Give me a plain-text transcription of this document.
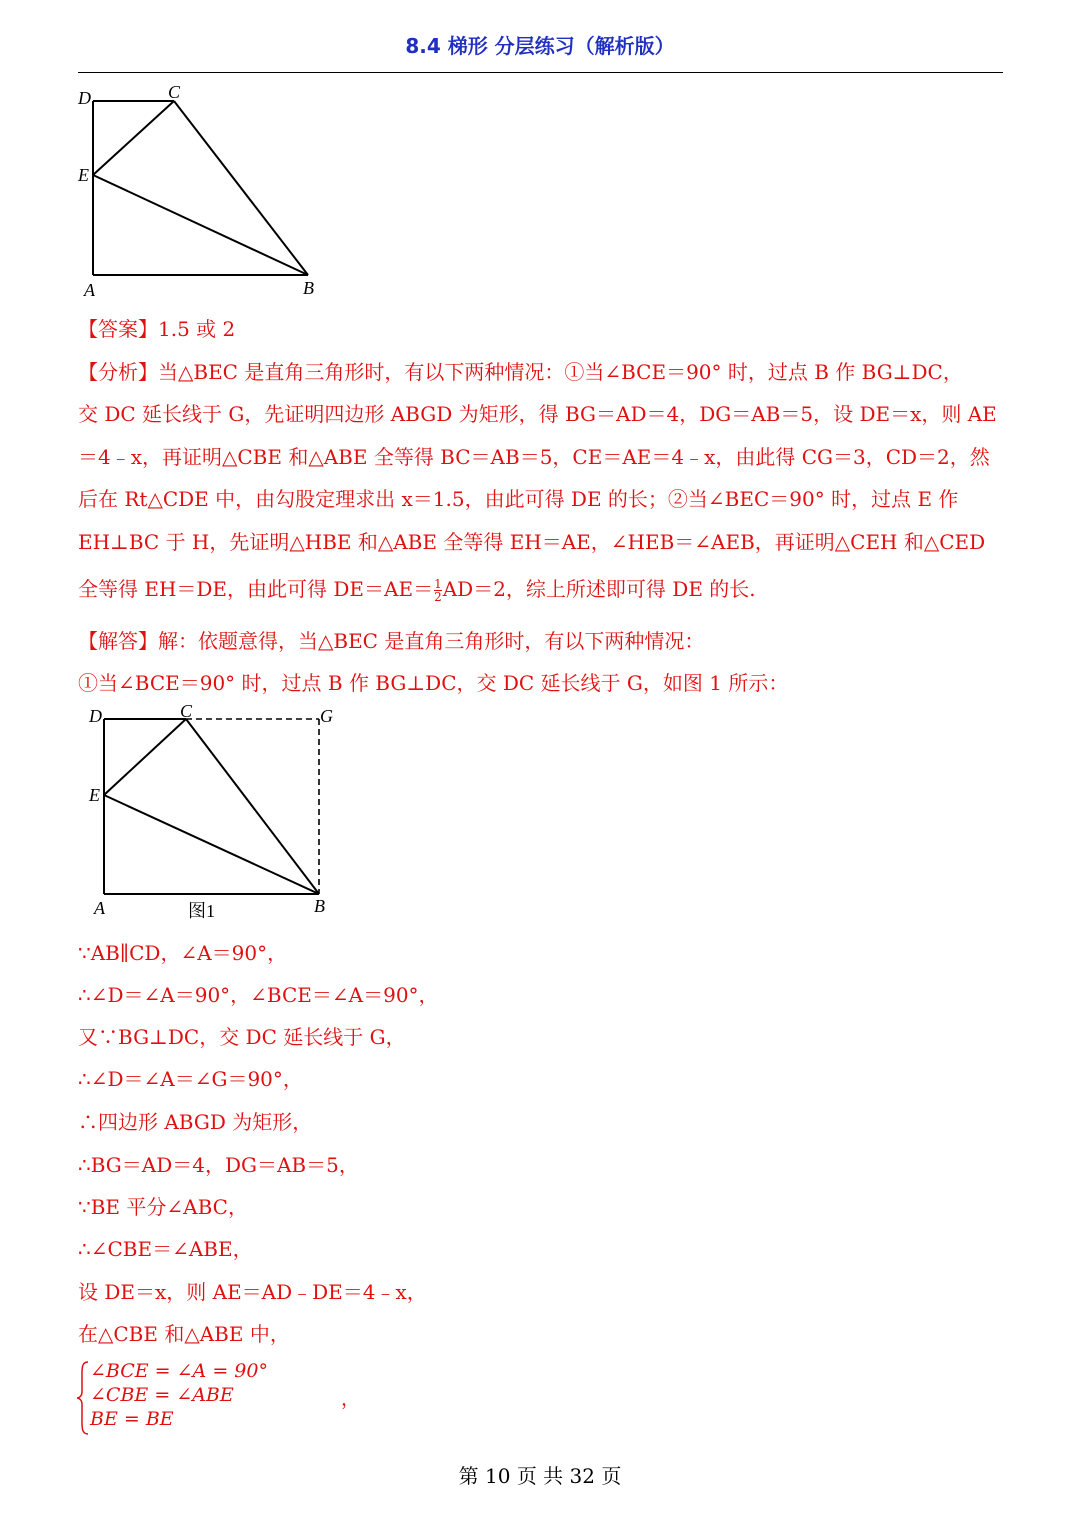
8.4 梯形 分层练习（解析版）
D	C
E
A	B
【答案】1.5 或 2
【分析】当△BEC 是直角三角形时，有以下两种情况：①当∠BCE＝90° 时，过点 B 作 BG⊥DC，
交 DC 延长线于 G，先证明四边形 ABGD 为矩形，得 BG＝AD＝4，DG＝AB＝5，设 DE＝x，则 AE
＝4﹣x，再证明△CBE 和△ABE 全等得 BC＝AB＝5，CE＝AE＝4﹣x，由此得 CG＝3，CD＝2，然
后在 Rt△CDE 中，由勾股定理求出 x＝1.5，由此可得 DE 的长；②当∠BEC＝90° 时，过点 E 作
EH⊥BC 于 H，先证明△HBE 和△ABE 全等得 EH＝AE，∠HEB＝∠AEB，再证明△CEH 和△CED
全等得 EH＝DE，由此可得 $DE=AE= \frac{1}{2} AD=2$，综上所述即可得 DE 的长.
【解答】解：依题意得，当△BEC 是直角三角形时，有以下两种情况：
①当∠BCE＝90° 时，过点 B 作 BG⊥DC，交 DC 延长线于 G，如图 1 所示：
D	C	G
E
A	B
图1
∵AB∥CD，∠A＝90°，
∴∠D＝∠A＝90°，∠BCE＝∠A＝90°，
又∵BG⊥DC，交 DC 延长线于 G，
∴∠D＝∠A＝∠G＝90°，
∴四边形 ABGD 为矩形，
∴BG＝AD＝4，DG＝AB＝5，
∵BE 平分∠ABC，
∴∠CBE＝∠ABE，
设 DE＝x，则 AE＝AD﹣DE＝4﹣x，
在△CBE 和△ABE 中，
∠BCE = ∠A = 90°
∠CBE = ∠ABE
BE = BE
，
第 10 页 共 32 页
